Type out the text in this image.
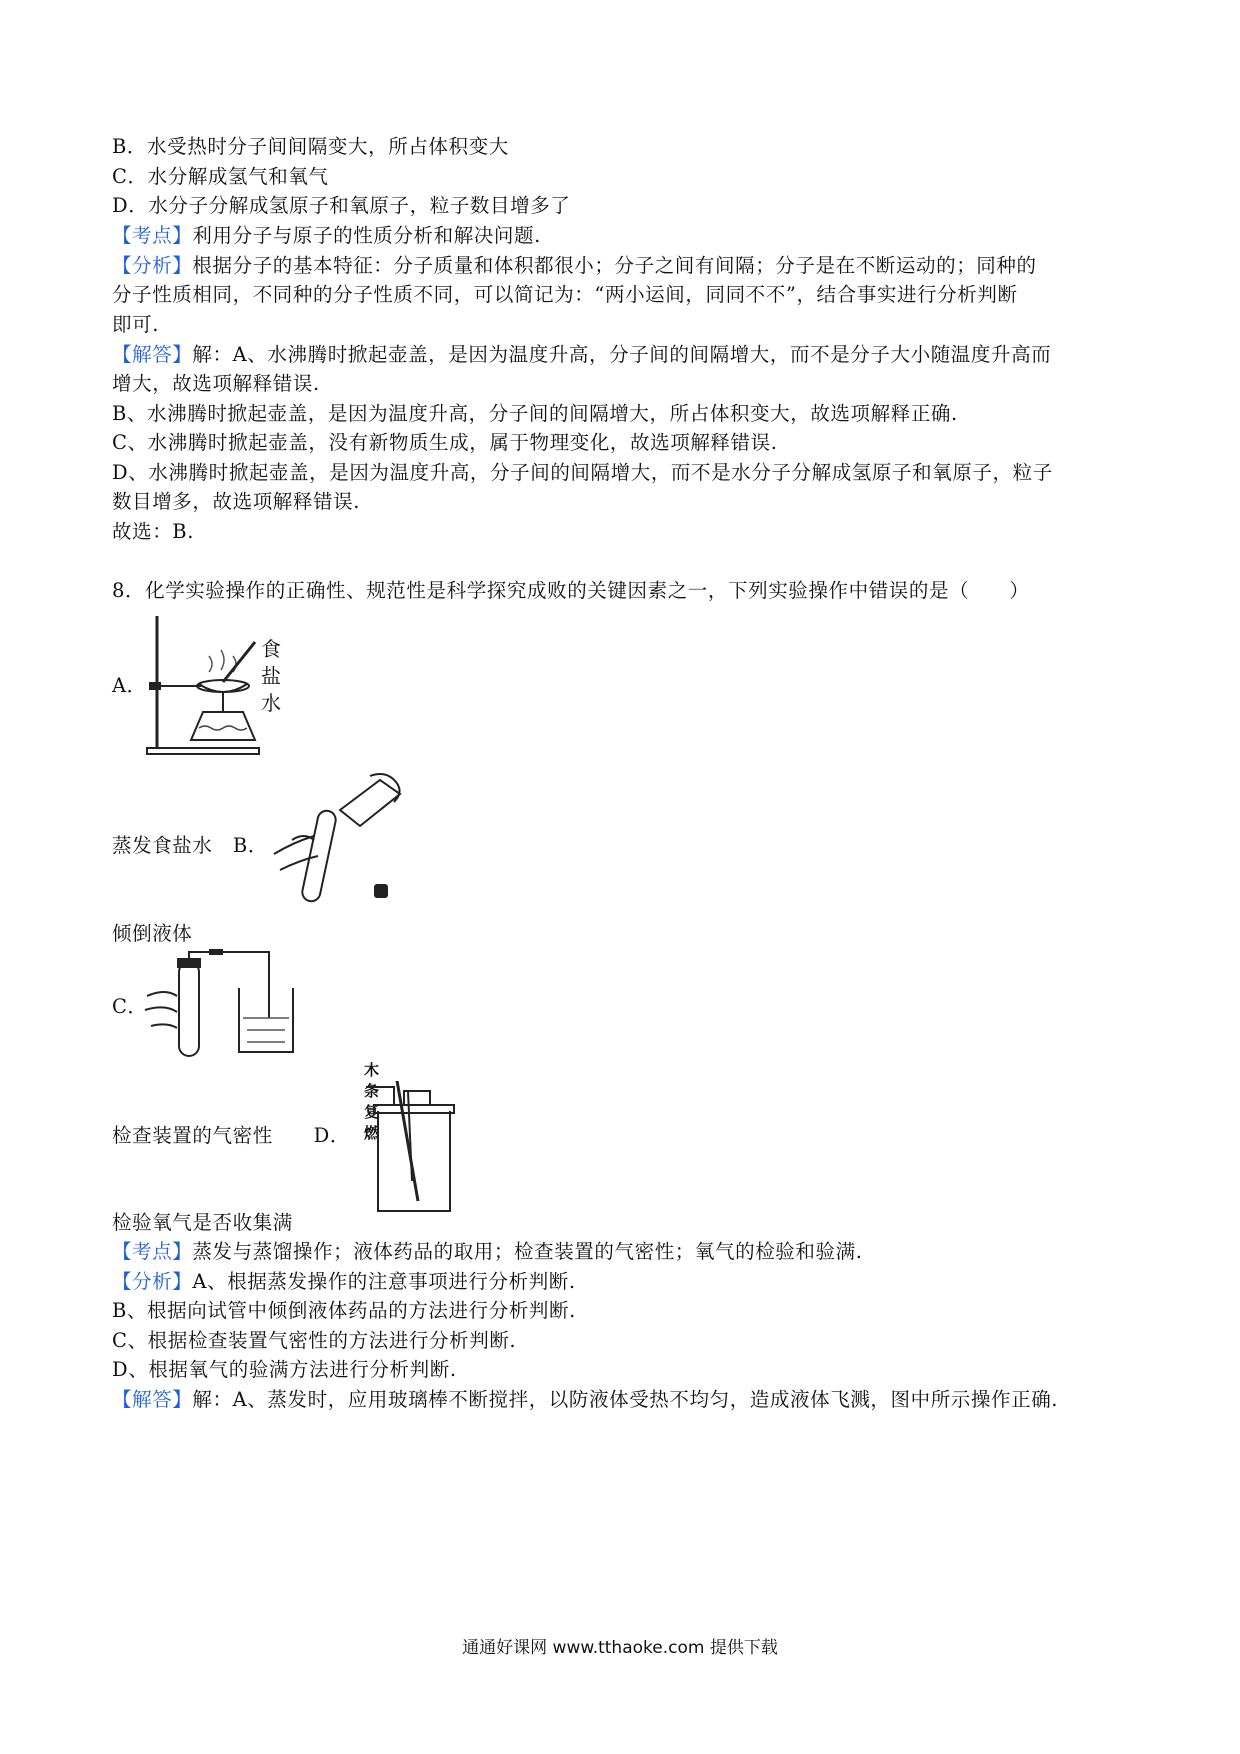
B．水受热时分子间间隔变大，所占体积变大
C．水分解成氢气和氧气
D．水分子分解成氢原子和氧原子，粒子数目增多了
【考点】利用分子与原子的性质分析和解决问题.
【分析】根据分子的基本特征：分子质量和体积都很小；分子之间有间隔；分子是在不断运动的；同种的
分子性质相同，不同种的分子性质不同，可以简记为：“两小运间，同同不不”，结合事实进行分析判断
即可.
【解答】解：A、水沸腾时掀起壶盖，是因为温度升高，分子间的间隔增大，而不是分子大小随温度升高而
增大，故选项解释错误.
B、水沸腾时掀起壶盖，是因为温度升高，分子间的间隔增大，所占体积变大，故选项解释正确.
C、水沸腾时掀起壶盖，没有新物质生成，属于物理变化，故选项解释错误.
D、水沸腾时掀起壶盖，是因为温度升高，分子间的间隔增大，而不是水分子分解成氢原子和氧原子，粒子
数目增多，故选项解释错误.
故选：B.
8．化学实验操作的正确性、规范性是科学探究成败的关键因素之一，下列实验操作中错误的是（　　）
A．
食
盐
水
蒸发食盐水 B．
倾倒液体
C．
检查装置的气密性 D．
木条复燃
检验氧气是否收集满
【考点】蒸发与蒸馏操作；液体药品的取用；检查装置的气密性；氧气的检验和验满.
【分析】A、根据蒸发操作的注意事项进行分析判断.
B、根据向试管中倾倒液体药品的方法进行分析判断.
C、根据检查装置气密性的方法进行分析判断.
D、根据氧气的验满方法进行分析判断.
【解答】解：A、蒸发时，应用玻璃棒不断搅拌，以防液体受热不均匀，造成液体飞溅，图中所示操作正确.
通通好课网 www.tthaoke.com 提供下载
